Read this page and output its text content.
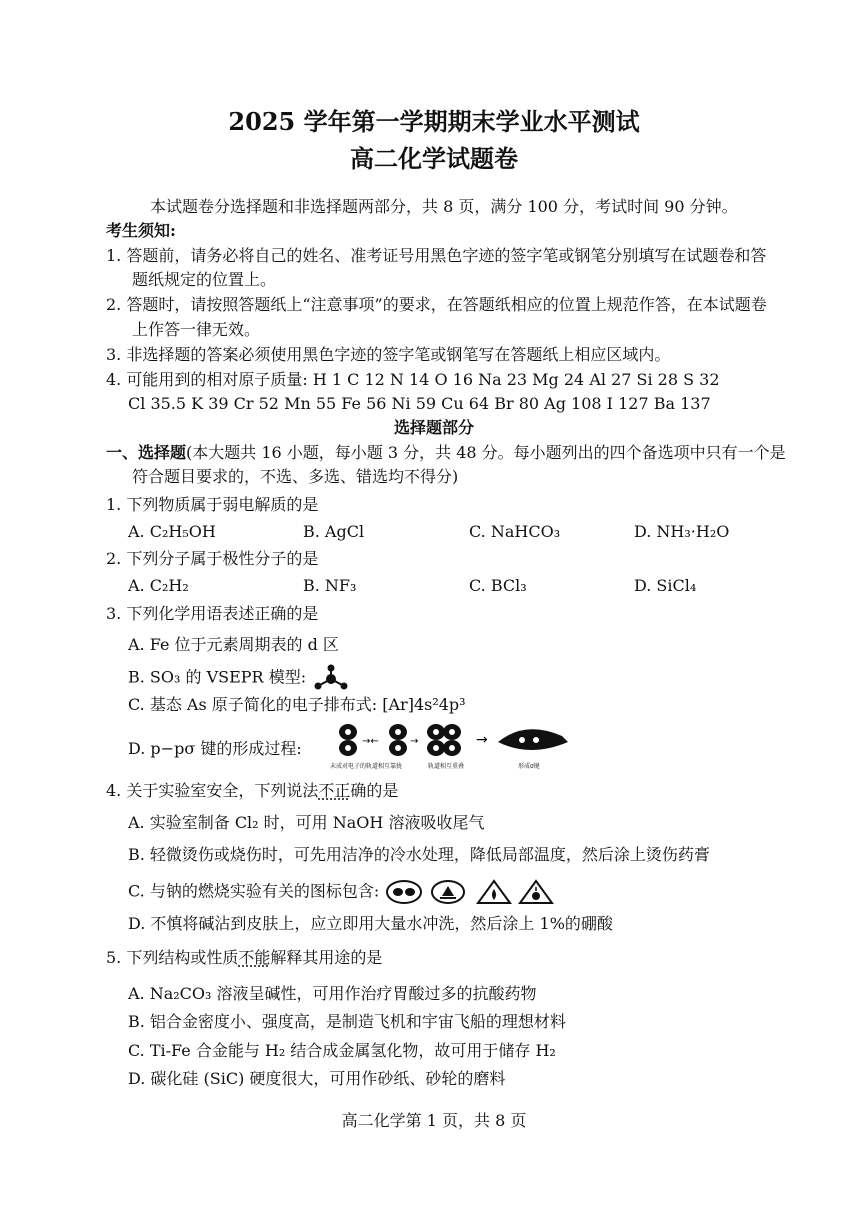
2025 学年第一学期期末学业水平测试
高二化学试题卷
本试题卷分选择题和非选择题两部分，共 8 页，满分 100 分，考试时间 90 分钟。
考生须知:
1. 答题前，请务必将自己的姓名、准考证号用黑色字迹的签字笔或钢笔分别填写在试题卷和答
题纸规定的位置上。
2. 答题时，请按照答题纸上“注意事项”的要求，在答题纸相应的位置上规范作答，在本试题卷
上作答一律无效。
3. 非选择题的答案必须使用黑色字迹的签字笔或钢笔写在答题纸上相应区域内。
4. 可能用到的相对原子质量: H 1 C 12 N 14 O 16 Na 23 Mg 24 Al 27 Si 28 S 32
Cl 35.5 K 39 Cr 52 Mn 55 Fe 56 Ni 59 Cu 64 Br 80 Ag 108 I 127 Ba 137
选择题部分
一、选择题(本大题共 16 小题，每小题 3 分，共 48 分。每小题列出的四个备选项中只有一个是
符合题目要求的，不选、多选、错选均不得分)
1. 下列物质属于弱电解质的是
A. C₂H₅OH	B. AgCl	C. NaHCO₃	D. NH₃·H₂O
2. 下列分子属于极性分子的是
A. C₂H₂	B. NF₃	C. BCl₃	D. SiCl₄
3. 下列化学用语表述正确的是
A. Fe 位于元素周期表的 d 区
B. SO₃ 的 VSEPR 模型:
C. 基态 As 原子简化的电子排布式: [Ar]4s²4p³
D. p−pσ 键的形成过程:	→←	→	→
未成对电子的轨道相互靠拢	轨道相互重叠	形成σ键
4. 关于实验室安全，下列说法不正确的是
A. 实验室制备 Cl₂ 时，可用 NaOH 溶液吸收尾气
B. 轻微烫伤或烧伤时，可先用洁净的冷水处理，降低局部温度，然后涂上烫伤药膏
C. 与钠的燃烧实验有关的图标包含:
D. 不慎将碱沾到皮肤上，应立即用大量水冲洗，然后涂上 1%的硼酸
5. 下列结构或性质不能解释其用途的是
A. Na₂CO₃ 溶液呈碱性，可用作治疗胃酸过多的抗酸药物
B. 铝合金密度小、强度高，是制造飞机和宇宙飞船的理想材料
C. Ti-Fe 合金能与 H₂ 结合成金属氢化物，故可用于储存 H₂
D. 碳化硅 (SiC) 硬度很大，可用作砂纸、砂轮的磨料
高二化学第 1 页，共 8 页
